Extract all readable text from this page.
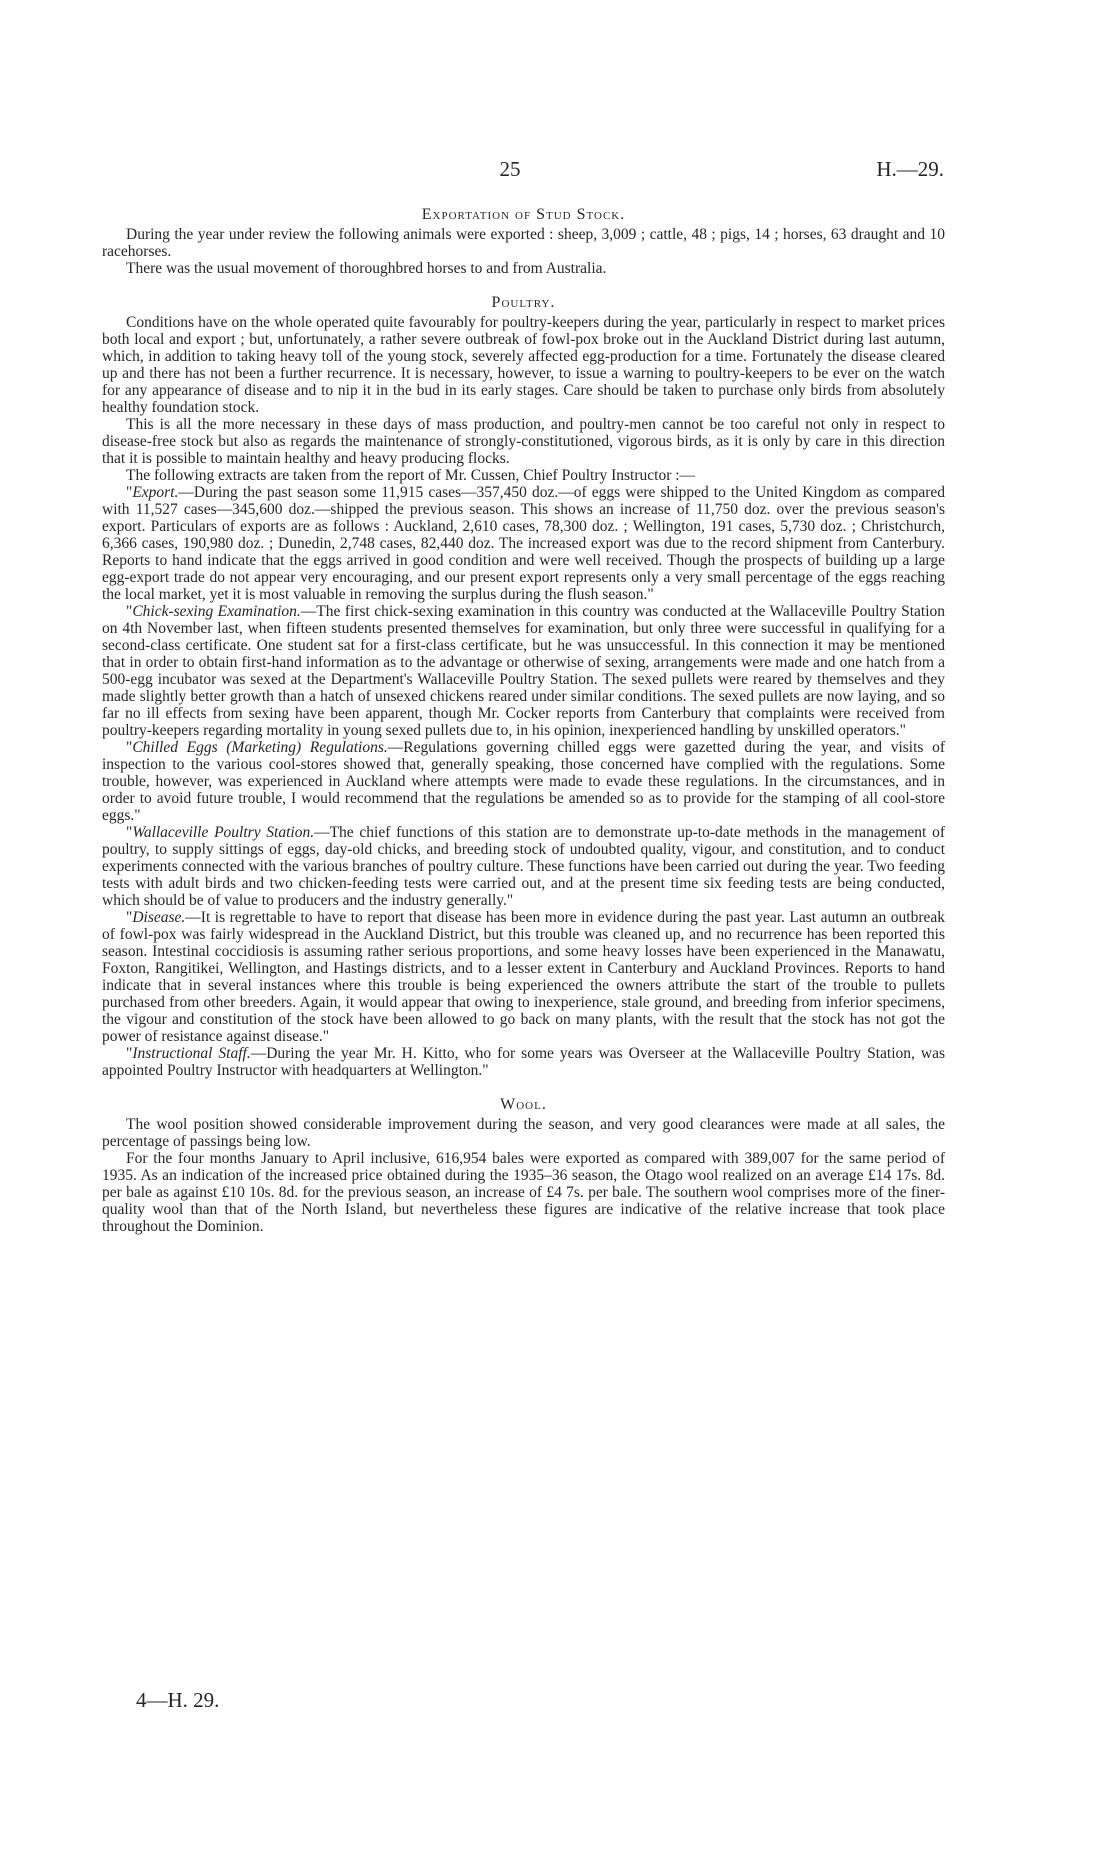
25	H.—29.
Exportation of Stud Stock.

During the year under review the following animals were exported : sheep, 3,009 ; cattle, 48 ; pigs, 14 ; horses, 63 draught and 10 racehorses.

There was the usual movement of thoroughbred horses to and from Australia.

Poultry.

Conditions have on the whole operated quite favourably for poultry-keepers during the year, particularly in respect to market prices both local and export ; but, unfortunately, a rather severe outbreak of fowl-pox broke out in the Auckland District during last autumn, which, in addition to taking heavy toll of the young stock, severely affected egg-production for a time. Fortunately the disease cleared up and there has not been a further recurrence. It is necessary, however, to issue a warning to poultry-keepers to be ever on the watch for any appearance of disease and to nip it in the bud in its early stages. Care should be taken to purchase only birds from absolutely healthy foundation stock.

This is all the more necessary in these days of mass production, and poultry-men cannot be too careful not only in respect to disease-free stock but also as regards the maintenance of strongly-constitutioned, vigorous birds, as it is only by care in this direction that it is possible to maintain healthy and heavy producing flocks.

The following extracts are taken from the report of Mr. Cussen, Chief Poultry Instructor :—

"Export.—During the past season some 11,915 cases—357,450 doz.—of eggs were shipped to the United Kingdom as compared with 11,527 cases—345,600 doz.—shipped the previous season. This shows an increase of 11,750 doz. over the previous season's export. Particulars of exports are as follows : Auckland, 2,610 cases, 78,300 doz. ; Wellington, 191 cases, 5,730 doz. ; Christchurch, 6,366 cases, 190,980 doz. ; Dunedin, 2,748 cases, 82,440 doz. The increased export was due to the record shipment from Canterbury. Reports to hand indicate that the eggs arrived in good condition and were well received. Though the prospects of building up a large egg-export trade do not appear very encouraging, and our present export represents only a very small percentage of the eggs reaching the local market, yet it is most valuable in removing the surplus during the flush season."

"Chick-sexing Examination.—The first chick-sexing examination in this country was conducted at the Wallaceville Poultry Station on 4th November last, when fifteen students presented themselves for examination, but only three were successful in qualifying for a second-class certificate. One student sat for a first-class certificate, but he was unsuccessful. In this connection it may be mentioned that in order to obtain first-hand information as to the advantage or otherwise of sexing, arrangements were made and one hatch from a 500-egg incubator was sexed at the Department's Wallaceville Poultry Station. The sexed pullets were reared by themselves and they made slightly better growth than a hatch of unsexed chickens reared under similar conditions. The sexed pullets are now laying, and so far no ill effects from sexing have been apparent, though Mr. Cocker reports from Canterbury that complaints were received from poultry-keepers regarding mortality in young sexed pullets due to, in his opinion, inexperienced handling by unskilled operators."

"Chilled Eggs (Marketing) Regulations.—Regulations governing chilled eggs were gazetted during the year, and visits of inspection to the various cool-stores showed that, generally speaking, those concerned have complied with the regulations. Some trouble, however, was experienced in Auckland where attempts were made to evade these regulations. In the circumstances, and in order to avoid future trouble, I would recommend that the regulations be amended so as to provide for the stamping of all cool-store eggs."

"Wallaceville Poultry Station.—The chief functions of this station are to demonstrate up-to-date methods in the management of poultry, to supply sittings of eggs, day-old chicks, and breeding stock of undoubted quality, vigour, and constitution, and to conduct experiments connected with the various branches of poultry culture. These functions have been carried out during the year. Two feeding tests with adult birds and two chicken-feeding tests were carried out, and at the present time six feeding tests are being conducted, which should be of value to producers and the industry generally."

"Disease.—It is regrettable to have to report that disease has been more in evidence during the past year. Last autumn an outbreak of fowl-pox was fairly widespread in the Auckland District, but this trouble was cleaned up, and no recurrence has been reported this season. Intestinal coccidiosis is assuming rather serious proportions, and some heavy losses have been experienced in the Manawatu, Foxton, Rangitikei, Wellington, and Hastings districts, and to a lesser extent in Canterbury and Auckland Provinces. Reports to hand indicate that in several instances where this trouble is being experienced the owners attribute the start of the trouble to pullets purchased from other breeders. Again, it would appear that owing to inexperience, stale ground, and breeding from inferior specimens, the vigour and constitution of the stock have been allowed to go back on many plants, with the result that the stock has not got the power of resistance against disease."

"Instructional Staff.—During the year Mr. H. Kitto, who for some years was Overseer at the Wallaceville Poultry Station, was appointed Poultry Instructor with headquarters at Wellington."

Wool.

The wool position showed considerable improvement during the season, and very good clearances were made at all sales, the percentage of passings being low.

For the four months January to April inclusive, 616,954 bales were exported as compared with 389,007 for the same period of 1935. As an indication of the increased price obtained during the 1935–36 season, the Otago wool realized on an average £14 17s. 8d. per bale as against £10 10s. 8d. for the previous season, an increase of £4 7s. per bale. The southern wool comprises more of the finer-quality wool than that of the North Island, but nevertheless these figures are indicative of the relative increase that took place throughout the Dominion.

4—H. 29.
